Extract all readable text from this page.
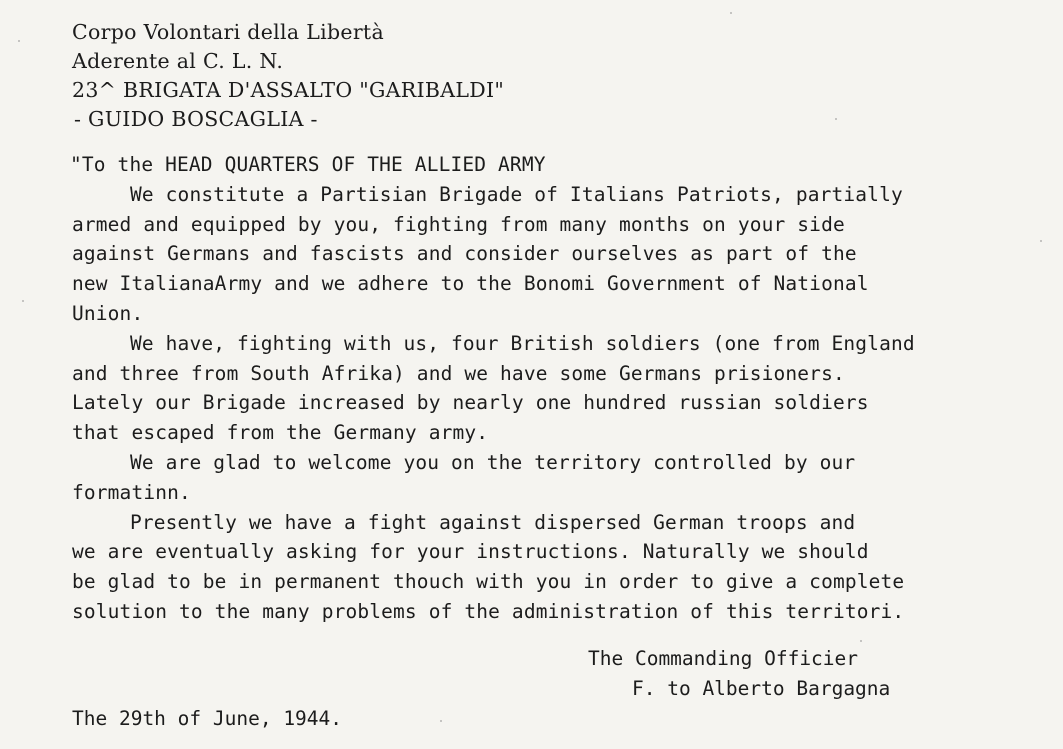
Corpo Volontari della Libertà
Aderente al C. L. N.
23^ BRIGATA D'ASSALTO "GARIBALDI"
- GUIDO BOSCAGLIA -
"To the HEAD QUARTERS OF THE ALLIED ARMY
We constitute a Partisian Brigade of Italians Patriots, partially
armed and equipped by you, fighting from many months on your side
against Germans and fascists and consider ourselves as part of the
new ItalianaArmy and we adhere to the Bonomi Government of National
Union.
We have, fighting with us, four British soldiers (one from England
and three from South Afrika) and we have some Germans prisioners.
Lately our Brigade increased by nearly one hundred russian soldiers
that escaped from the Germany army.
We are glad to welcome you on the territory controlled by our
formatinn.
Presently we have a fight against dispersed German troops and
we are eventually asking for your instructions. Naturally we should
be glad to be in permanent thouch with you in order to give a complete
solution to the many problems of the administration of this territori.
The Commanding Officier
F. to Alberto Bargagna
The 29th of June, 1944.
